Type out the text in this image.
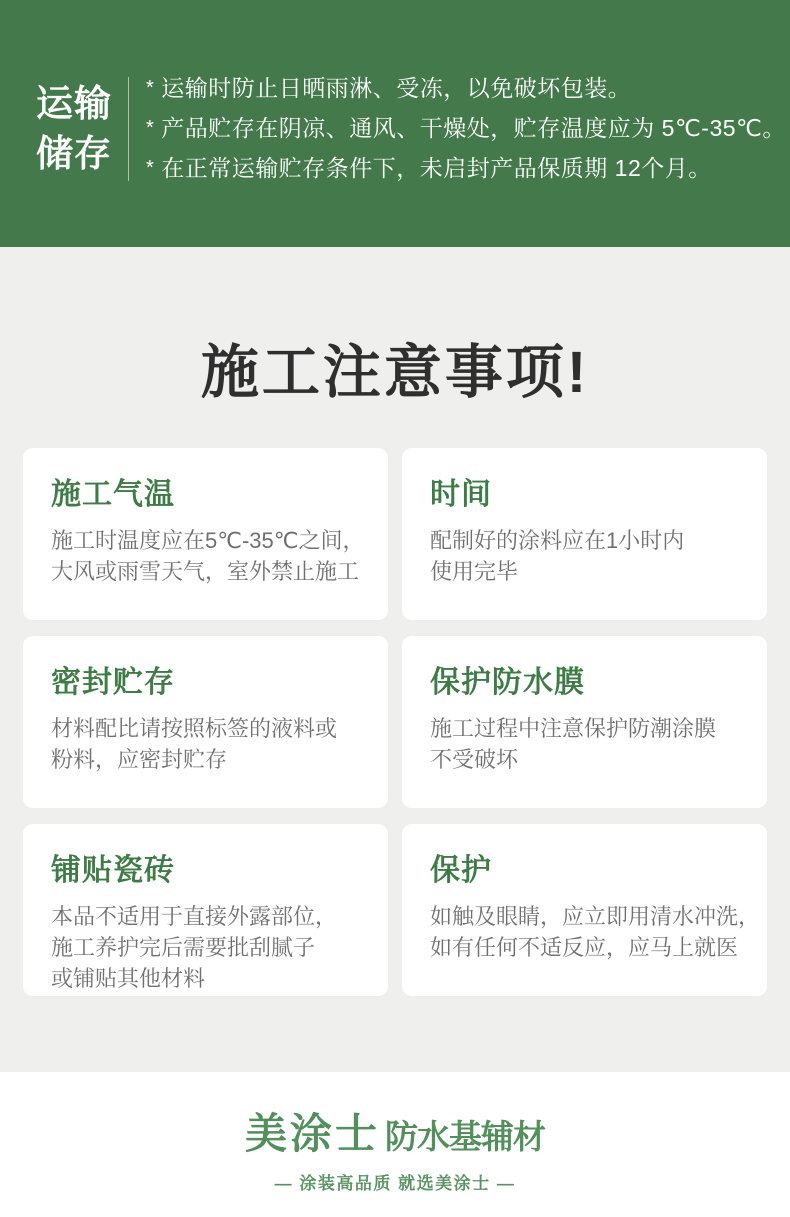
运输
储存
* 运输时防止日晒雨淋、受冻，以免破坏包装。
* 产品贮存在阴凉、通风、干燥处，贮存温度应为 5℃-35℃。
* 在正常运输贮存条件下，未启封产品保质期 12个月。
施工注意事项!
施工气温
施工时温度应在5℃-35℃之间，
大风或雨雪天气，室外禁止施工
时间
配制好的涂料应在1小时内
使用完毕
密封贮存
材料配比请按照标签的液料或
粉料，应密封贮存
保护防水膜
施工过程中注意保护防潮涂膜
不受破坏
铺贴瓷砖
本品不适用于直接外露部位，
施工养护完后需要批刮腻子
或铺贴其他材料
保护
如触及眼睛，应立即用清水冲洗，
如有任何不适反应，应马上就医
美涂士 防水基辅材
— 涂装高品质 就选美涂士 —
